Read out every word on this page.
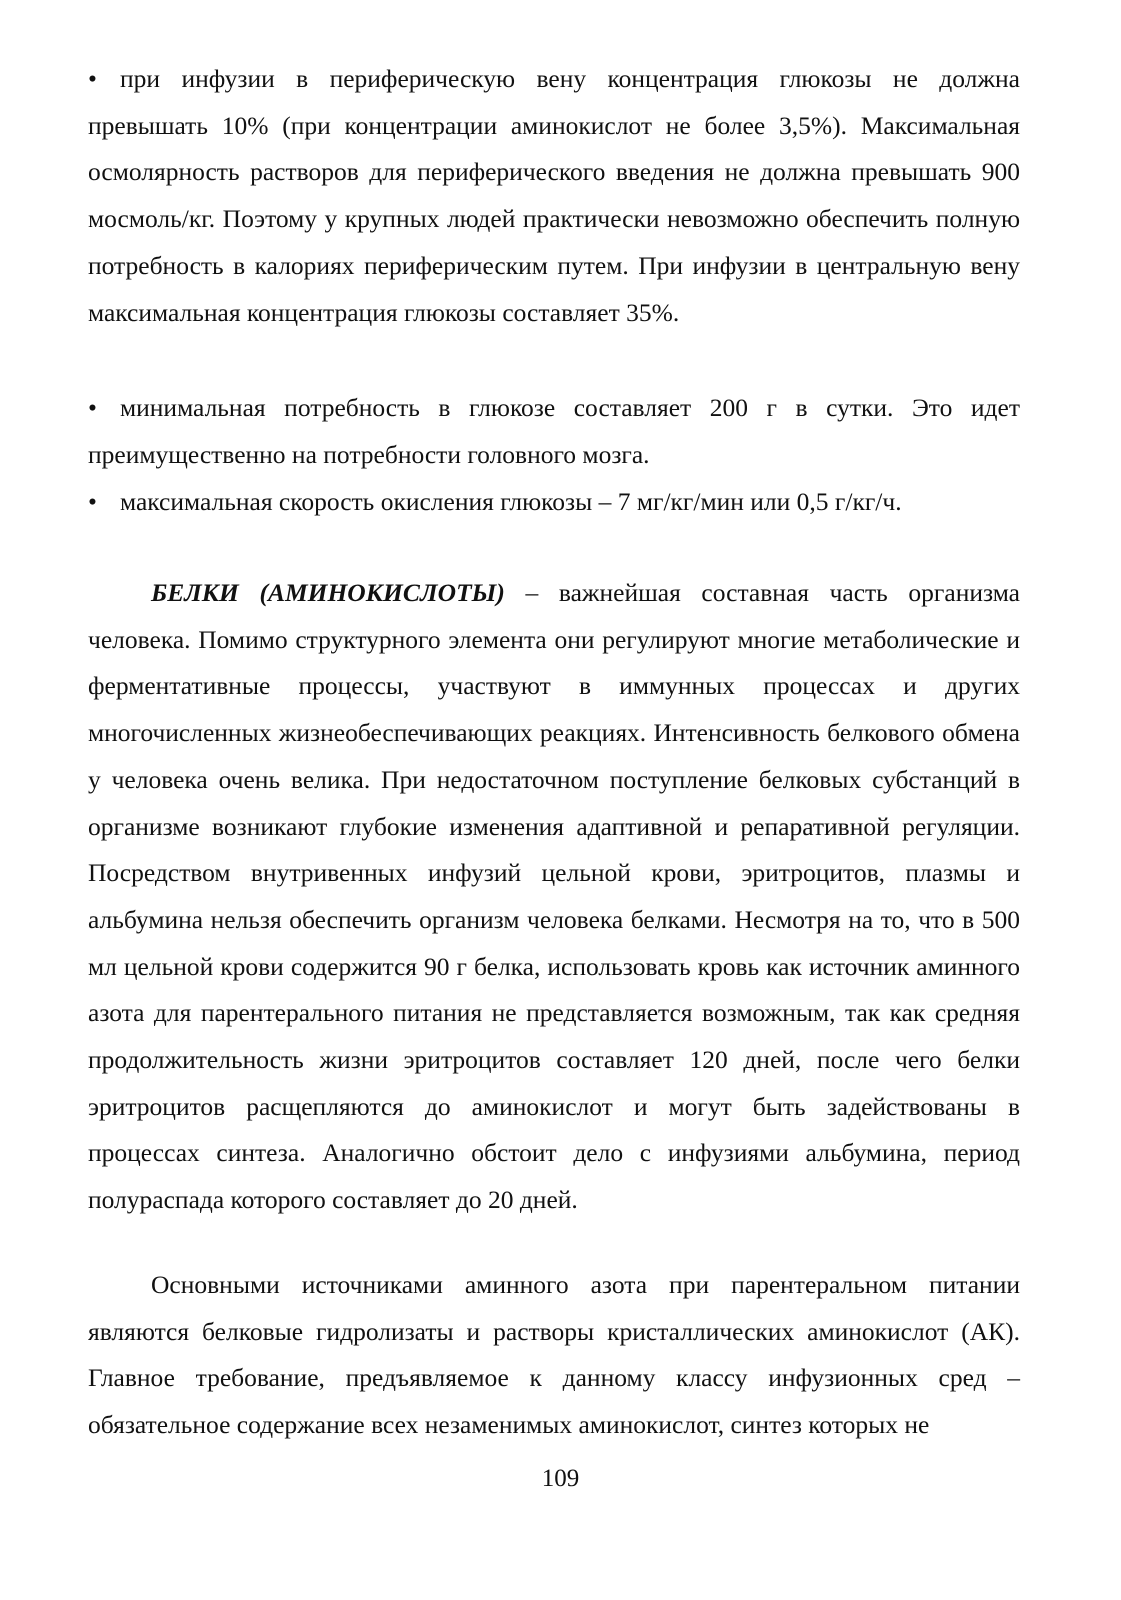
• при инфузии в периферическую вену концентрация глюкозы не должна превышать 10% (при концентрации аминокислот не более 3,5%). Максимальная осмолярность растворов для периферического введения не должна превышать 900 мосмоль/кг. Поэтому у крупных людей практически невозможно обеспечить полную потребность в калориях периферическим путем. При инфузии в центральную вену максимальная концентрация глюкозы составляет 35%.

• минимальная потребность в глюкозе составляет 200 г в сутки. Это идет преимущественно на потребности головного мозга.

• максимальная скорость окисления глюкозы – 7 мг/кг/мин или 0,5 г/кг/ч.

БЕЛКИ (АМИНОКИСЛОТЫ) – важнейшая составная часть организма человека. Помимо структурного элемента они регулируют многие метаболические и ферментативные процессы, участвуют в иммунных процессах и других многочисленных жизнеобеспечивающих реакциях. Интенсивность белкового обмена у человека очень велика. При недостаточном поступление белковых субстанций в организме возникают глубокие изменения адаптивной и репаративной регуляции. Посредством внутривенных инфузий цельной крови, эритроцитов, плазмы и альбумина нельзя обеспечить организм человека белками. Несмотря на то, что в 500 мл цельной крови содержится 90 г белка, использовать кровь как источник аминного азота для парентерального питания не представляется возможным, так как средняя продолжительность жизни эритроцитов составляет 120 дней, после чего белки эритроцитов расщепляются до аминокислот и могут быть задействованы в процессах синтеза. Аналогично обстоит дело с инфузиями альбумина, период полураспада которого составляет до 20 дней.

Основными источниками аминного азота при парентеральном питании являются белковые гидролизаты и растворы кристаллических аминокислот (АК). Главное требование, предъявляемое к данному классу инфузионных сред – обязательное содержание всех незаменимых аминокислот, синтез которых не

109
